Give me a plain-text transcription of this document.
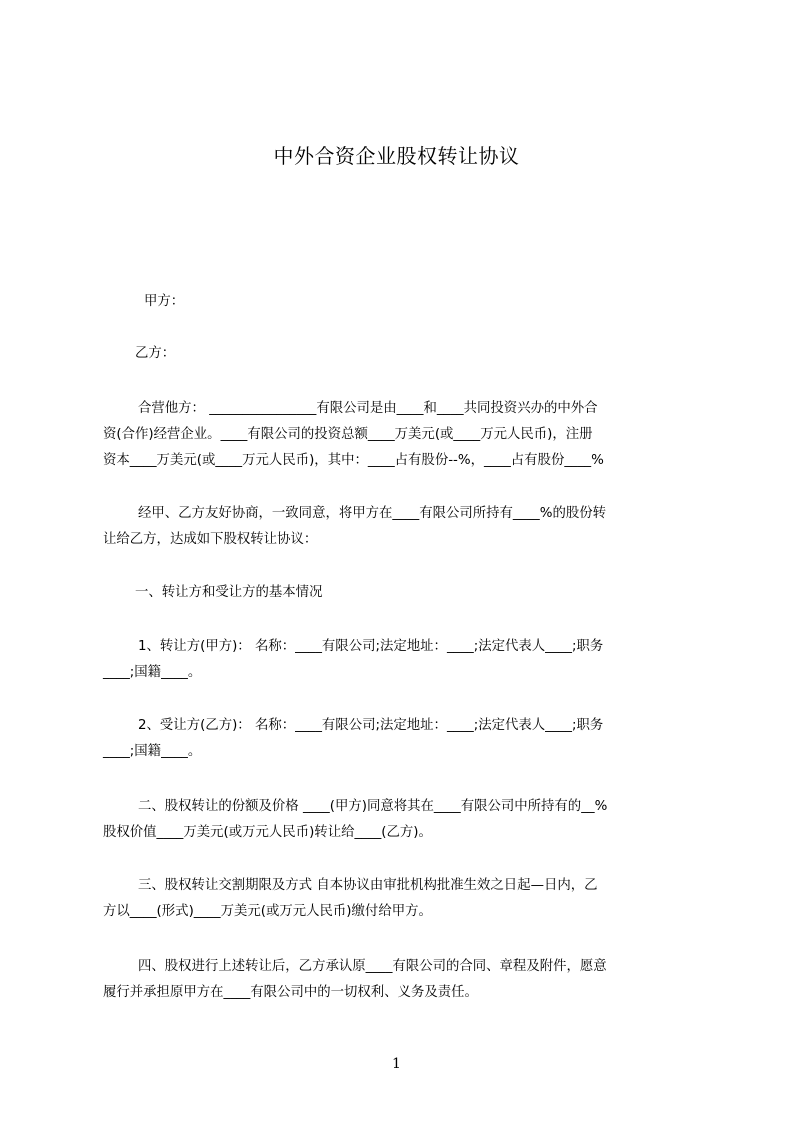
中外合资企业股权转让协议
甲方：
乙方：
合营他方： ________________有限公司是由____和____共同投资兴办的中外合
资(合作)经营企业。____有限公司的投资总额____万美元(或____万元人民币)，注册
资本____万美元(或____万元人民币)，其中：____占有股份--%，____占有股份____%
经甲、乙方友好协商，一致同意，将甲方在____有限公司所持有____%的股份转
让给乙方，达成如下股权转让协议：
一、转让方和受让方的基本情况
1、转让方(甲方)： 名称：____有限公司;法定地址：____;法定代表人____;职务
____;国籍____。
2、受让方(乙方)： 名称：____有限公司;法定地址：____;法定代表人____;职务
____;国籍____。
二、股权转让的份额及价格 ____(甲方)同意将其在____有限公司中所持有的__%
股权价值____万美元(或万元人民币)转让给____(乙方)。
三、股权转让交割期限及方式 自本协议由审批机构批准生效之日起—日内，乙
方以____(形式)____万美元(或万元人民币)缴付给甲方。
四、股权进行上述转让后，乙方承认原____有限公司的合同、章程及附件，愿意
履行并承担原甲方在____有限公司中的一切权利、义务及责任。
1
